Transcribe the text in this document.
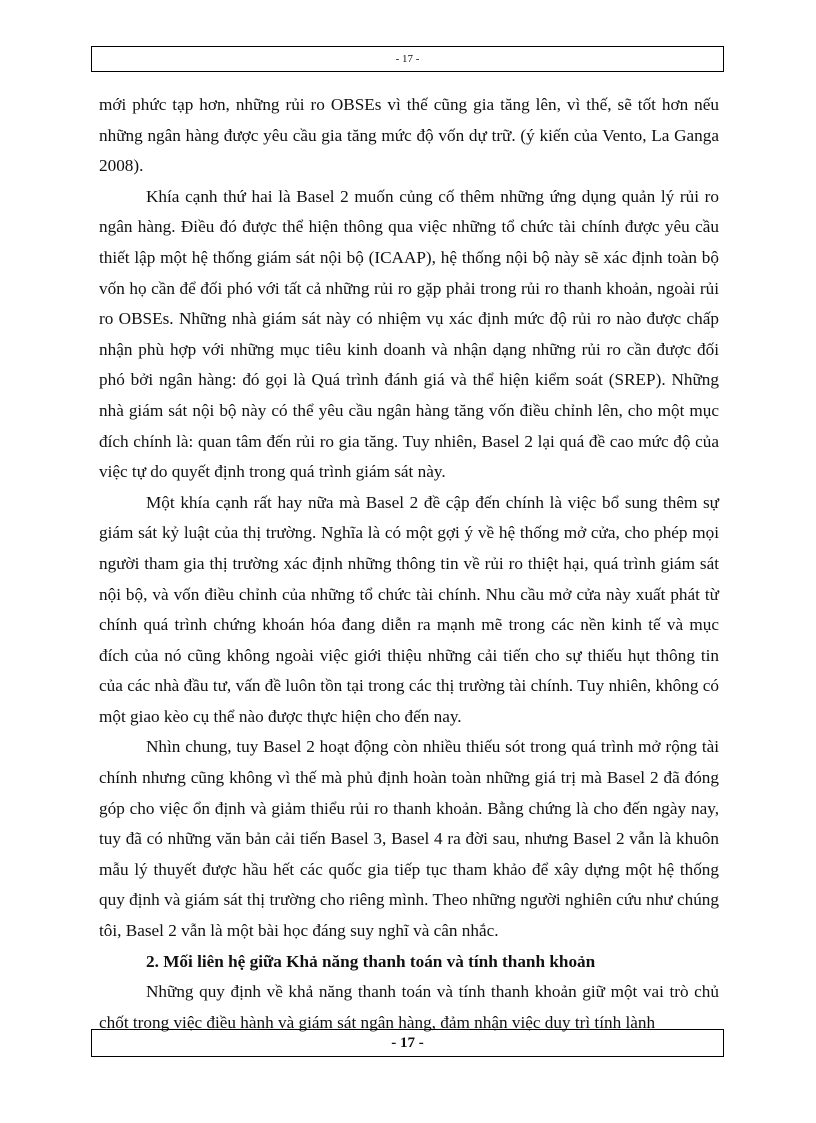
- 17 -

mới phức tạp hơn, những rủi ro OBSEs vì thế cũng gia tăng lên, vì thế, sẽ tốt hơn nếu những ngân hàng được yêu cầu gia tăng mức độ vốn dự trữ. (ý kiến của Vento, La Ganga 2008).

Khía cạnh thứ hai là Basel 2 muốn củng cố thêm những ứng dụng quản lý rủi ro ngân hàng. Điều đó được thể hiện thông qua việc những tổ chức tài chính được yêu cầu thiết lập một hệ thống giám sát nội bộ (ICAAP), hệ thống nội bộ này sẽ xác định toàn bộ vốn họ cần để đối phó với tất cả những rủi ro gặp phải trong rủi ro thanh khoản, ngoài rủi ro OBSEs. Những nhà giám sát này có nhiệm vụ xác định mức độ rủi ro nào được chấp nhận phù hợp với những mục tiêu kinh doanh và nhận dạng những rủi ro cần được đối phó bởi ngân hàng: đó gọi là Quá trình đánh giá và thể hiện kiểm soát (SREP). Những nhà giám sát nội bộ này có thể yêu cầu ngân hàng tăng vốn điều chỉnh lên, cho một mục đích chính là: quan tâm đến rủi ro gia tăng. Tuy nhiên, Basel 2 lại quá đề cao mức độ của việc tự do quyết định trong quá trình giám sát này.

Một khía cạnh rất hay nữa mà Basel 2 đề cập đến chính là việc bổ sung thêm sự giám sát kỷ luật của thị trường. Nghĩa là có một gợi ý về hệ thống mở cửa, cho phép mọi người tham gia thị trường xác định những thông tin về rủi ro thiệt hại, quá trình giám sát nội bộ, và vốn điều chỉnh của những tổ chức tài chính. Nhu cầu mở cửa này xuất phát từ chính quá trình chứng khoán hóa đang diễn ra mạnh mẽ trong các nền kinh tế và mục đích của nó cũng không ngoài việc giới thiệu những cải tiến cho sự thiếu hụt thông tin của các nhà đầu tư, vấn đề luôn tồn tại trong các thị trường tài chính. Tuy nhiên, không có một giao kèo cụ thể nào được thực hiện cho đến nay.

Nhìn chung, tuy Basel 2 hoạt động còn nhiều thiếu sót trong quá trình mở rộng tài chính nhưng cũng không vì thế mà phủ định hoàn toàn những giá trị mà Basel 2 đã đóng góp cho việc ổn định và giảm thiểu rủi ro thanh khoản. Bằng chứng là cho đến ngày nay, tuy đã có những văn bản cải tiến Basel 3, Basel 4 ra đời sau, nhưng Basel 2 vẫn là khuôn mẫu lý thuyết được hầu hết các quốc gia tiếp tục tham khảo để xây dựng một hệ thống quy định và giám sát thị trường cho riêng mình. Theo những người nghiên cứu như chúng tôi, Basel 2 vẫn là một bài học đáng suy nghĩ và cân nhắc.

2. Mối liên hệ giữa Khả năng thanh toán và tính thanh khoản

Những quy định về khả năng thanh toán và tính thanh khoản giữ một vai trò chủ chốt trong việc điều hành và giám sát ngân hàng, đảm nhận việc duy trì tính lành

- 17 -
